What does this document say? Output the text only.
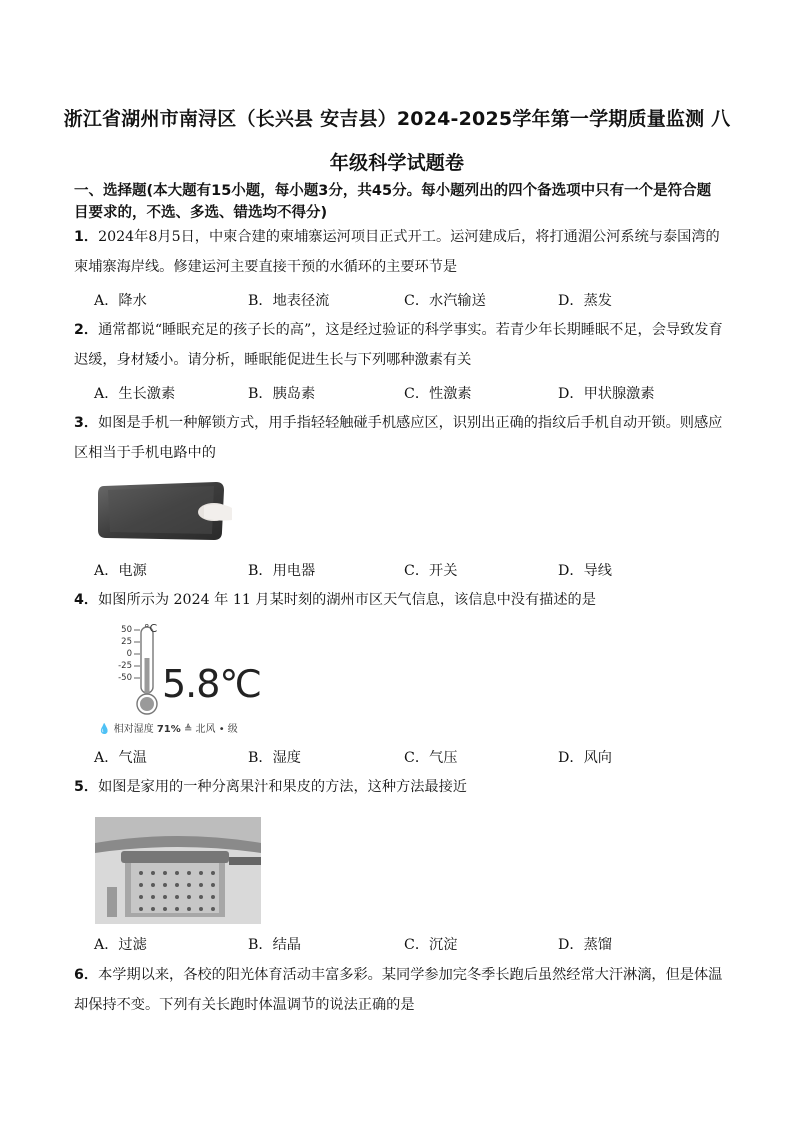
浙江省湖州市南浔区（长兴县 安吉县）2024-2025学年第一学期质量监测 八
年级科学试题卷
一、选择题(本大题有15小题，每小题3分，共45分。每小题列出的四个备选项中只有一个是符合题目要求的，不选、多选、错选均不得分)
1．2024年8月5日，中柬合建的柬埔寨运河项目正式开工。运河建成后，将打通湄公河系统与泰国湾的柬埔寨海岸线。修建运河主要直接干预的水循环的主要环节是
A．降水	B．地表径流	C．水汽输送	D．蒸发
2．通常都说“睡眠充足的孩子长的高”，这是经过验证的科学事实。若青少年长期睡眠不足，会导致发育迟缓，身材矮小。请分析，睡眠能促进生长与下列哪种激素有关
A．生长激素	B．胰岛素	C．性激素	D．甲状腺激素
3．如图是手机一种解锁方式，用手指轻轻触碰手机感应区，识别出正确的指纹后手机自动开锁。则感应区相当于手机电路中的
A．电源	B．用电器	C．开关	D．导线
4．如图所示为 2024 年 11 月某时刻的湖州市区天气信息，该信息中没有描述的是
50
25
0
-25
-50
°C
5.8℃
💧 相对湿度 71% ≜ 北风 • 级
A．气温	B．湿度	C．气压	D．风向
5．如图是家用的一种分离果汁和果皮的方法，这种方法最接近
A．过滤	B．结晶	C．沉淀	D．蒸馏
6．本学期以来，各校的阳光体育活动丰富多彩。某同学参加完冬季长跑后虽然经常大汗淋漓，但是体温却保持不变。下列有关长跑时体温调节的说法正确的是
